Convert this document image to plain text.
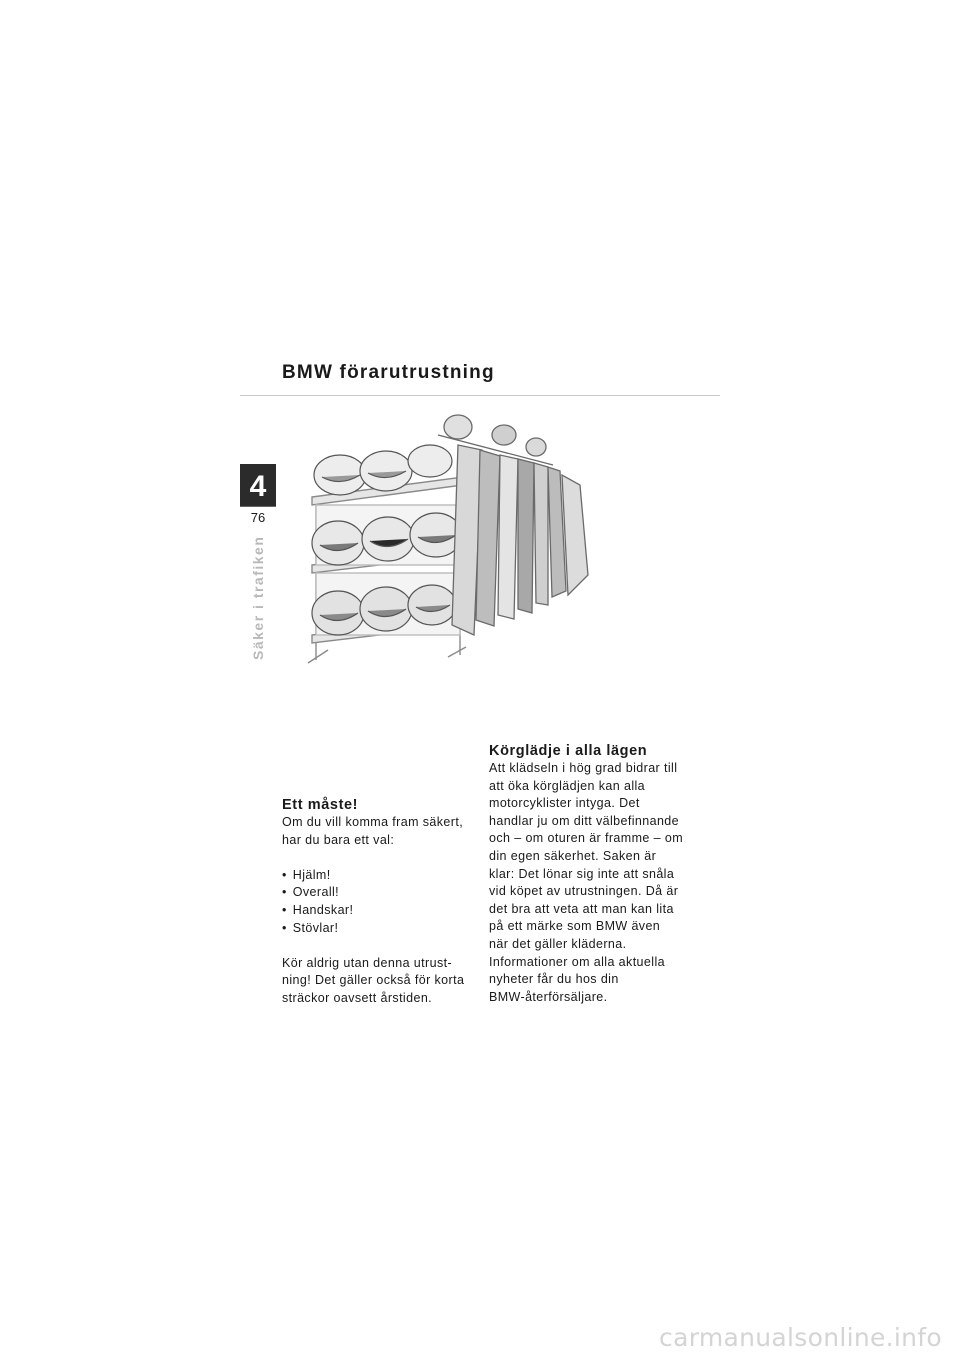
BMW förarutrustning
4
76
Säker i trafiken
Ett måste!

Om du vill komma fram säkert,

har du bara ett val:

• Hjälm!
• Overall!
• Handskar!
• Stövlar!

Kör aldrig utan denna utrust-

ning! Det gäller också för korta

sträckor oavsett årstiden.

Körglädje i alla lägen

Att klädseln i hög grad bidrar till

att öka körglädjen kan alla

motorcyklister intyga. Det

handlar ju om ditt välbefinnande

och – om oturen är framme – om

din egen säkerhet. Saken är

klar: Det lönar sig inte att snåla

vid köpet av utrustningen. Då är

det bra att veta att man kan lita

på ett märke som BMW även

när det gäller kläderna.

Informationer om alla aktuella

nyheter får du hos din

BMW-återförsäljare.

carmanualsonline.info
